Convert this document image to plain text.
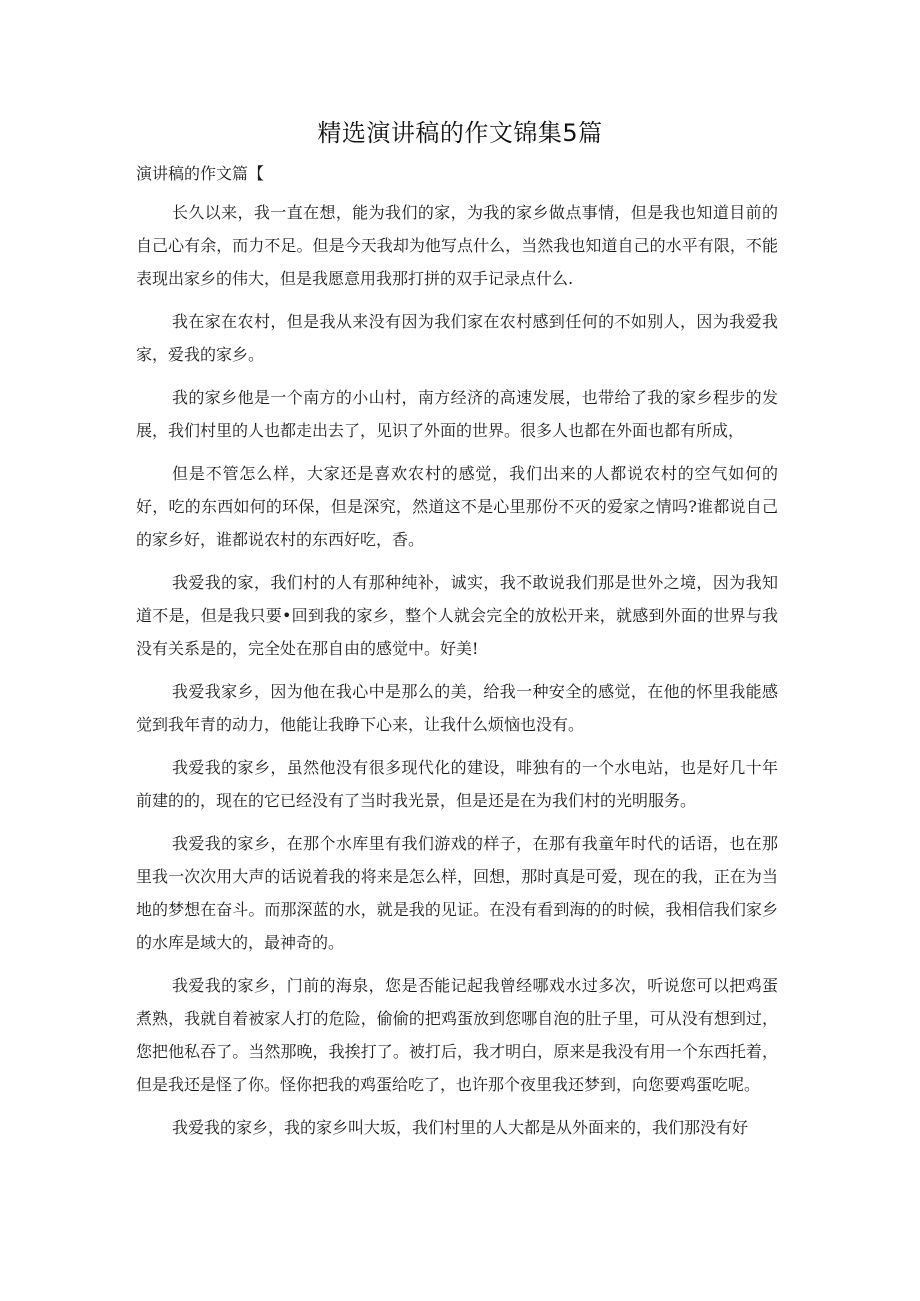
精选演讲稿的作文锦集5篇
演讲稿的作文篇【

长久以来，我一直在想，能为我们的家，为我的家乡做点事情，但是我也知道目前的自己心有余，而力不足。但是今天我却为他写点什么，当然我也知道自己的水平有限，不能表现出家乡的伟大，但是我愿意用我那打拼的双手记录点什么.

我在家在农村，但是我从来没有因为我们家在农村感到任何的不如别人，因为我爱我家，爱我的家乡。

我的家乡他是一个南方的小山村，南方经济的高速发展，也带给了我的家乡程步的发展，我们村里的人也都走出去了，见识了外面的世界。很多人也都在外面也都有所成，

但是不管怎么样，大家还是喜欢农村的感觉，我们出来的人都说农村的空气如何的好，吃的东西如何的环保，但是深究，然道这不是心里那份不灭的爱家之情吗?谁都说自己的家乡好，谁都说农村的东西好吃，香。

我爱我的家，我们村的人有那种纯补，诚实，我不敢说我们那是世外之境，因为我知道不是，但是我只要•回到我的家乡，整个人就会完全的放松开来，就感到外面的世界与我没有关系是的，完全处在那自由的感觉中。好美!

我爱我家乡，因为他在我心中是那么的美，给我一种安全的感觉，在他的怀里我能感觉到我年青的动力，他能让我睁下心来，让我什么烦恼也没有。

我爱我的家乡，虽然他没有很多现代化的建设，啡独有的一个水电站，也是好几十年前建的的，现在的它已经没有了当时我光景，但是还是在为我们村的光明服务。

我爱我的家乡，在那个水库里有我们游戏的样子，在那有我童年时代的话语，也在那里我一次次用大声的话说着我的将来是怎么样，回想，那时真是可爱，现在的我，正在为当地的梦想在奋斗。而那深蓝的水，就是我的见证。在没有看到海的的时候，我相信我们家乡的水库是域大的，最神奇的。

我爱我的家乡，门前的海泉，您是否能记起我曾经哪戏水过多次，听说您可以把鸡蛋煮熟，我就自着被家人打的危险，偷偷的把鸡蛋放到您哪自泡的肚子里，可从没有想到过，您把他私吞了。当然那晚，我挨打了。被打后，我才明白，原来是我没有用一个东西托着，但是我还是怪了你。怪你把我的鸡蛋给吃了，也许那个夜里我还梦到，向您要鸡蛋吃呢。

我爱我的家乡，我的家乡叫大坂，我们村里的人大都是从外面来的，我们那没有好
